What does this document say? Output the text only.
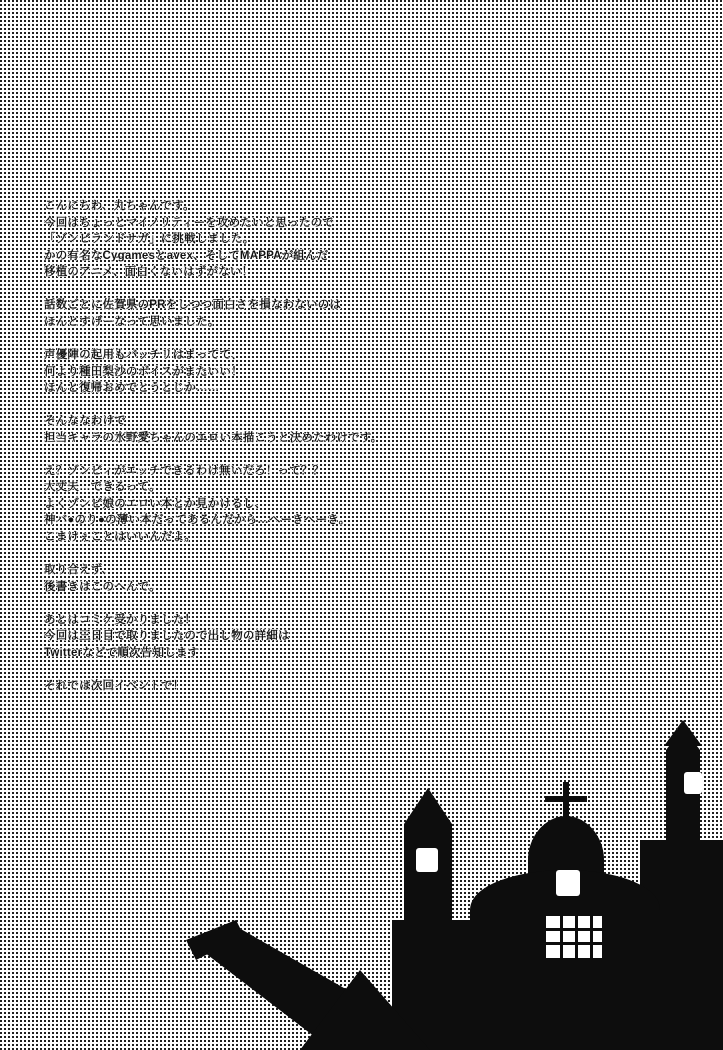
こんにちわ、丸ちゃんです。
今回はちょっとマイノリティーを攻めたいと思ったので
「ゾンビランドサガ」に挑戦しました。
かの有名なCygamesとavex、そしてMAPPAが組んだ
移植のアニメ、面白くないはずがない！

話数ごとに佐賀県のPRをしつつ面白さを損なわないのは
ほんとすげーなって思いました。

声優陣の起用もバッチリはまってて、
何より種田梨沙のボイスがまたいい！
ほんと復帰おめでとうとじか……

そんななわけで
担当キャラの水野愛ちゃんのエロい本描こうと決めたわけです。

え？ゾンビィがエッチできるわけ無いだろ！って？？
大丈夫…できるって。
よくゾンビ娘のエロい本とか見かけるし、
神バ●のり●の薄い本だってあるんだから…へーきへーき。
こまけぇことはいいんだよ。

取り合えず、
後書きはこのへんで。

あとはコミケ受かりました！
今回は三日目で取りましたので出し物の詳細は
Twitterなどで順次告知します

それでは次回イベントで！
